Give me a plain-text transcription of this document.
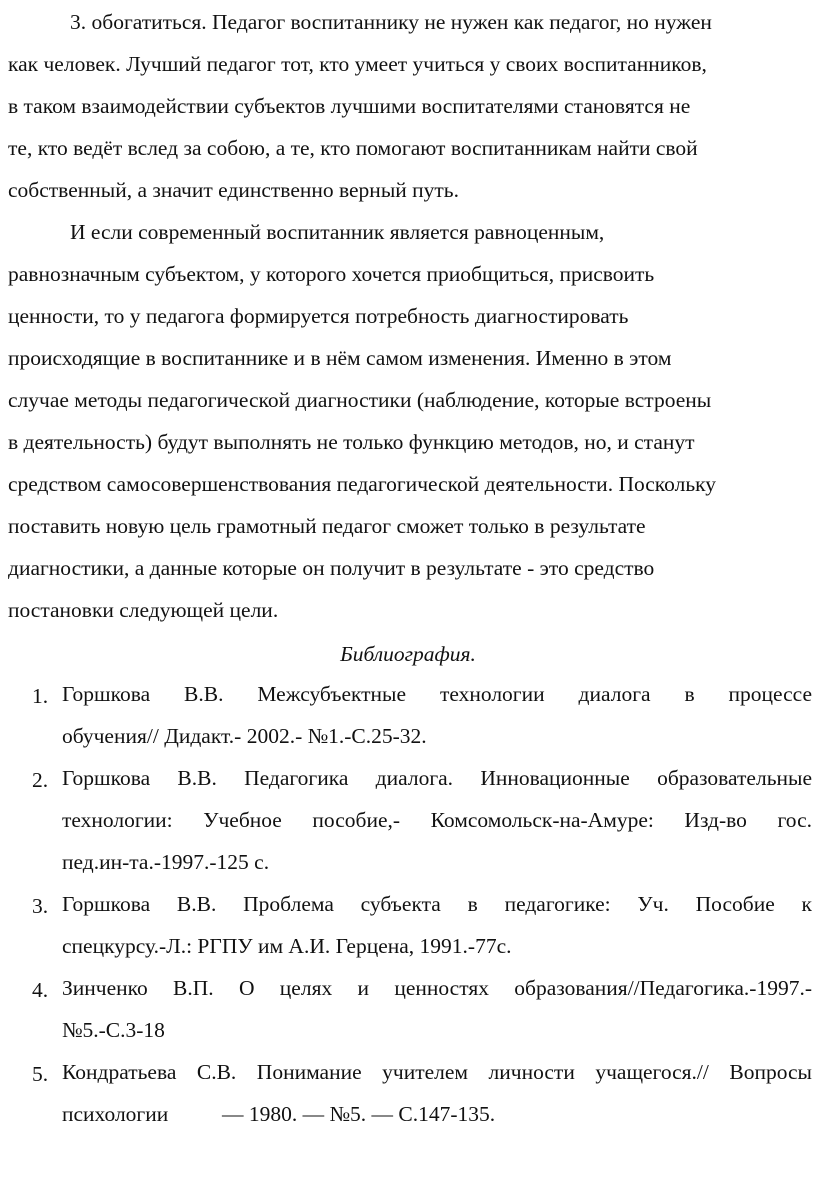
3. обогатиться. Педагог воспитаннику не нужен как педагог, но нужен
как человек. Лучший педагог тот, кто умеет учиться у своих воспитанников,
в таком взаимодействии субъектов лучшими воспитателями становятся не
те, кто ведёт вслед за собою, а те, кто помогают воспитанникам найти свой
собственный, а значит единственно верный путь.
И если современный воспитанник является равноценным,
равнозначным субъектом, у которого хочется приобщиться, присвоить
ценности, то у педагога формируется потребность диагностировать
происходящие в воспитаннике и в нём самом изменения. Именно в этом
случае методы педагогической диагностики (наблюдение, которые встроены
в деятельность) будут выполнять не только функцию методов, но, и станут
средством самосовершенствования педагогической деятельности. Поскольку
поставить новую цель грамотный педагог сможет только в результате
диагностики, а данные которые он получит в результате - это средство
постановки следующей цели.
Библиография.
1. Горшкова В.В. Межсубъектные технологии диалога в процессе
обучения// Дидакт.- 2002.- №1.-С.25-32.
2. Горшкова В.В. Педагогика диалога. Инновационные образовательные
технологии: Учебное пособие,- Комсомольск-на-Амуре: Изд-во гос.
пед.ин-та.-1997.-125 с.
3. Горшкова В.В. Проблема субъекта в педагогике: Уч. Пособие к
спецкурсу.-Л.: РГПУ им А.И. Герцена, 1991.-77с.
4. Зинченко В.П. О целях и ценностях образования//Педагогика.-1997.-
№5.-С.3-18
5. Кондратьева С.В. Понимание учителем личности учащегося.// Вопросы
психологии          — 1980. — №5. — С.147-135.
